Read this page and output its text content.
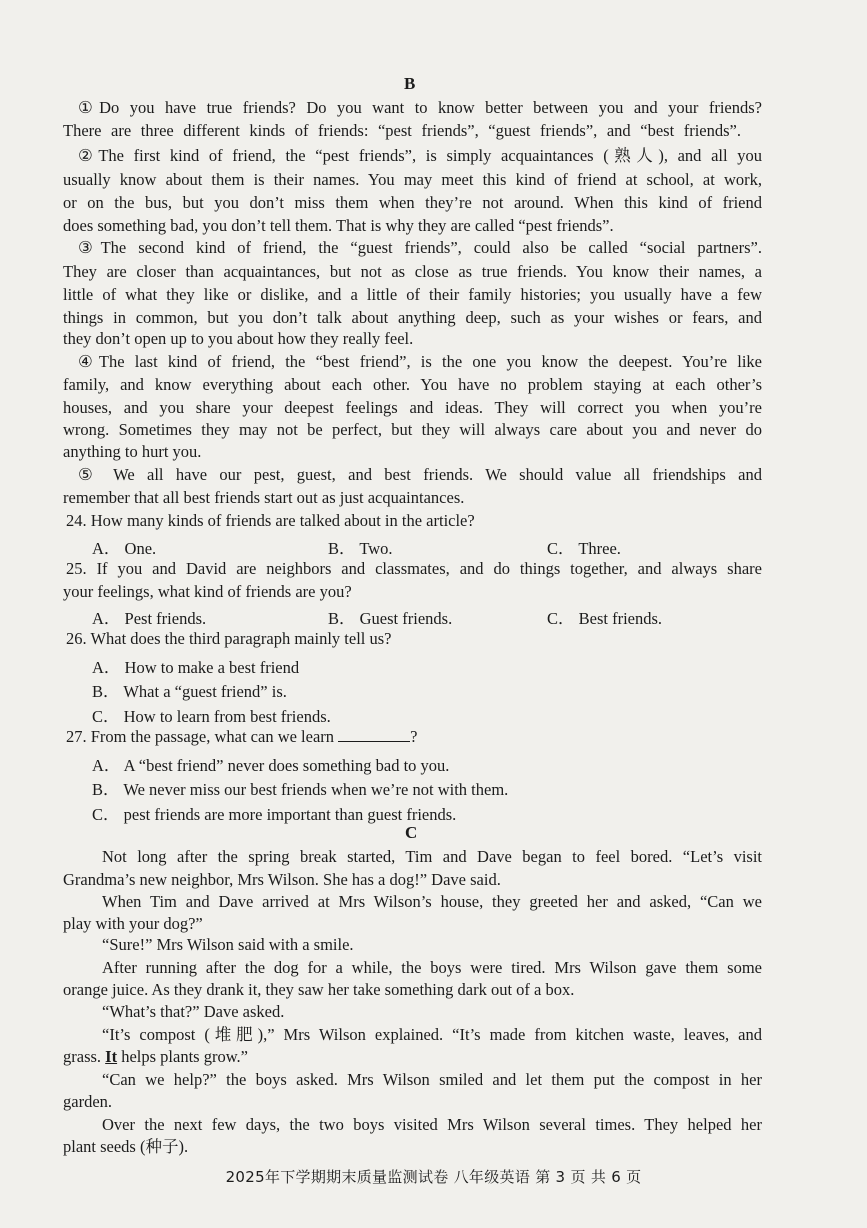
B
①Do you have true friends? Do you want to know better between you and your friends?
There are three different kinds of friends: “pest friends”, “guest friends”, and “best friends”.
②The first kind of friend, the “pest friends”, is simply acquaintances (熟人), and all you
usually know about them is their names. You may meet this kind of friend at school, at work,
or on the bus, but you don’t miss them when they’re not around. When this kind of friend
does something bad, you don’t tell them. That is why they are called “pest friends”.
③The second kind of friend, the “guest friends”, could also be called “social partners”.
They are closer than acquaintances, but not as close as true friends. You know their names, a
little of what they like or dislike, and a little of their family histories; you usually have a few
things in common, but you don’t talk about anything deep, such as your wishes or fears, and
they don’t open up to you about how they really feel.
④The last kind of friend, the “best friend”, is the one you know the deepest. You’re like
family, and know everything about each other. You have no problem staying at each other’s
houses, and you share your deepest feelings and ideas. They will correct you when you’re
wrong. Sometimes they may not be perfect, but they will always care about you and never do
anything to hurt you.
⑤ We all have our pest, guest, and best friends. We should value all friendships and
remember that all best friends start out as just acquaintances.
24. How many kinds of friends are talked about in the article?
A． One.	B． Two.	C． Three.
25. If you and David are neighbors and classmates, and do things together, and always share
your feelings, what kind of friends are you?
A． Pest friends.	B． Guest friends.	C． Best friends.
26. What does the third paragraph mainly tell us?
A． How to make a best friend
B． What a “guest friend” is.
C． How to learn from best friends.
27. From the passage, what can we learn	?
A． A “best friend” never does something bad to you.
B． We never miss our best friends when we’re not with them.
C． pest friends are more important than guest friends.
C
Not long after the spring break started, Tim and Dave began to feel bored. “Let’s visit
Grandma’s new neighbor, Mrs Wilson. She has a dog!” Dave said.
When Tim and Dave arrived at Mrs Wilson’s house, they greeted her and asked, “Can we
play with your dog?”
“Sure!” Mrs Wilson said with a smile.
After running after the dog for a while, the boys were tired. Mrs Wilson gave them some
orange juice. As they drank it, they saw her take something dark out of a box.
“What’s that?” Dave asked.
“It’s compost (堆肥),” Mrs Wilson explained. “It’s made from kitchen waste, leaves, and
grass. It helps plants grow.”
“Can we help?” the boys asked. Mrs Wilson smiled and let them put the compost in her
garden.
Over the next few days, the two boys visited Mrs Wilson several times. They helped her
plant seeds (种子).
2025年下学期期末质量监测试卷 八年级英语 第 3 页 共 6 页
